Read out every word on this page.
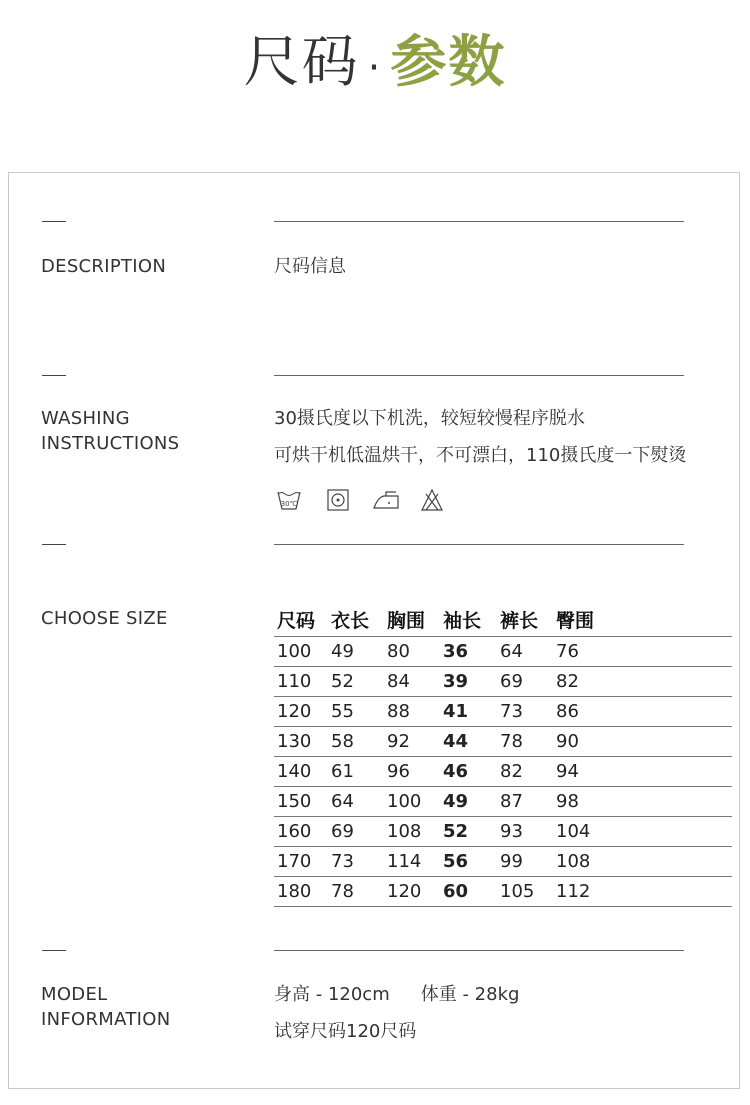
尺码 · 参数
DESCRIPTION	尺码信息
WASHING
INSTRUCTIONS
30摄氏度以下机洗，较短较慢程序脱水
可烘干机低温烘干，不可漂白，110摄氏度一下熨烫
30℃
CHOOSE SIZE	尺码	衣长	胸围	袖长	裤长	臀围	
100	49	80	36	64	76	
110	52	84	39	69	82	
120	55	88	41	73	86	
130	58	92	44	78	90	
140	61	96	46	82	94	
150	64	100	49	87	98	
160	69	108	52	93	104	
170	73	114	56	99	108	
180	78	120	60	105	112	
MODEL
INFORMATION
身高 - 120cm 体重 - 28kg
试穿尺码120尺码
